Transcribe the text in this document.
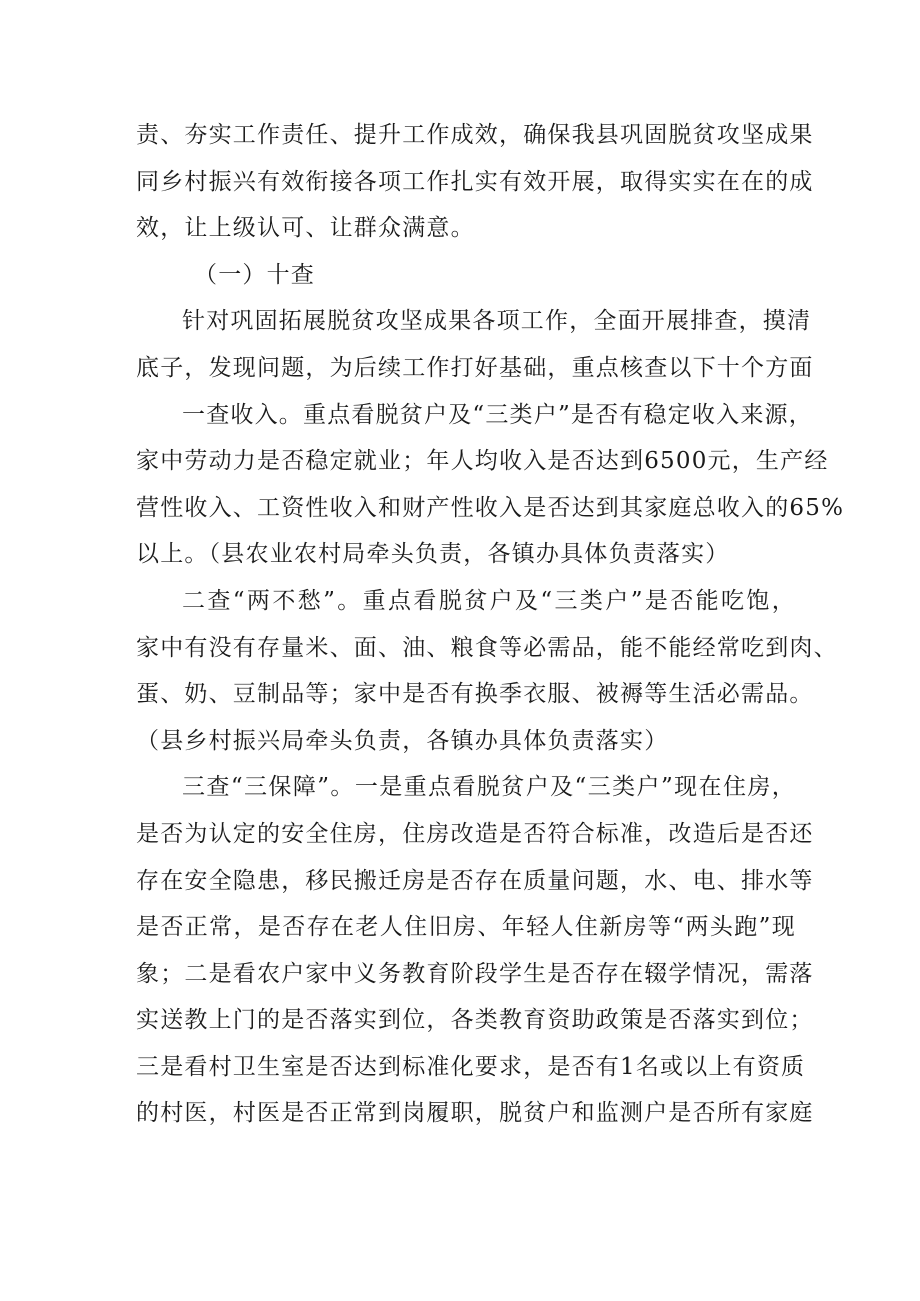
责、夯实工作责任、提升工作成效，确保我县巩固脱贫攻坚成果
同乡村振兴有效衔接各项工作扎实有效开展，取得实实在在的成
效，让上级认可、让群众满意。
（一）十查
针对巩固拓展脱贫攻坚成果各项工作，全面开展排查，摸清
底子，发现问题，为后续工作打好基础，重点核查以下十个方面
一查收入。重点看脱贫户及“三类户”是否有稳定收入来源，
家中劳动力是否稳定就业；年人均收入是否达到6500元，生产经
营性收入、工资性收入和财产性收入是否达到其家庭总收入的65%
以上。（县农业农村局牵头负责，各镇办具体负责落实）
二查“两不愁”。重点看脱贫户及“三类户”是否能吃饱，
家中有没有存量米、面、油、粮食等必需品，能不能经常吃到肉、
蛋、奶、豆制品等；家中是否有换季衣服、被褥等生活必需品。
（县乡村振兴局牵头负责，各镇办具体负责落实）
三查“三保障”。一是重点看脱贫户及“三类户”现在住房，
是否为认定的安全住房，住房改造是否符合标准，改造后是否还
存在安全隐患，移民搬迁房是否存在质量问题，水、电、排水等
是否正常，是否存在老人住旧房、年轻人住新房等“两头跑”现
象；二是看农户家中义务教育阶段学生是否存在辍学情况，需落
实送教上门的是否落实到位，各类教育资助政策是否落实到位；
三是看村卫生室是否达到标准化要求，是否有1名或以上有资质
的村医，村医是否正常到岗履职，脱贫户和监测户是否所有家庭
